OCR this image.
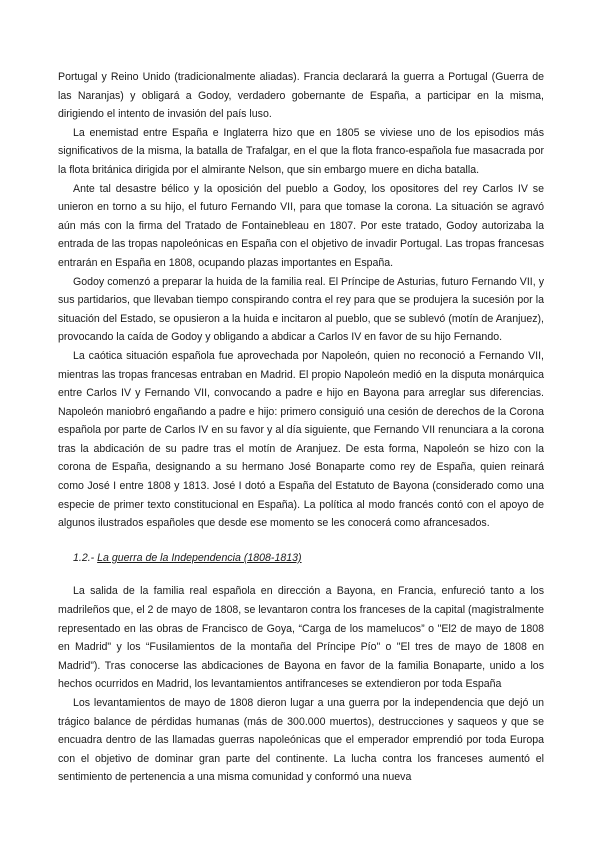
Portugal y Reino Unido (tradicionalmente aliadas). Francia declarará la guerra a Portugal (Guerra de las Naranjas) y obligará a Godoy, verdadero gobernante de España, a participar en la misma, dirigiendo el intento de invasión del país luso.

La enemistad entre España e Inglaterra hizo que en 1805 se viviese uno de los episodios más significativos de la misma, la batalla de Trafalgar, en el que la flota franco-española fue masacrada por la flota británica dirigida por el almirante Nelson, que sin embargo muere en dicha batalla.

Ante tal desastre bélico y la oposición del pueblo a Godoy, los opositores del rey Carlos IV se unieron en torno a su hijo, el futuro Fernando VII, para que tomase la corona. La situación se agravó aún más con la firma del Tratado de Fontainebleau en 1807. Por este tratado, Godoy autorizaba la entrada de las tropas napoleónicas en España con el objetivo de invadir Portugal. Las tropas francesas entrarán en España en 1808, ocupando plazas importantes en España.

Godoy comenzó a preparar la huida de la familia real. El Príncipe de Asturias, futuro Fernando VII, y sus partidarios, que llevaban tiempo conspirando contra el rey para que se produjera la sucesión por la situación del Estado, se opusieron a la huida e incitaron al pueblo, que se sublevó (motín de Aranjuez), provocando la caída de Godoy y obligando a abdicar a Carlos IV en favor de su hijo Fernando.

La caótica situación española fue aprovechada por Napoleón, quien no reconoció a Fernando VII, mientras las tropas francesas entraban en Madrid. El propio Napoleón medió en la disputa monárquica entre Carlos IV y Fernando VII, convocando a padre e hijo en Bayona para arreglar sus diferencias. Napoleón maniobró engañando a padre e hijo: primero consiguió una cesión de derechos de la Corona española por parte de Carlos IV en su favor y al día siguiente, que Fernando VII renunciara a la corona tras la abdicación de su padre tras el motín de Aranjuez. De esta forma, Napoleón se hizo con la corona de España, designando a su hermano José Bonaparte como rey de España, quien reinará como José I entre 1808 y 1813. José I dotó a España del Estatuto de Bayona (considerado como una especie de primer texto constitucional en España). La política al modo francés contó con el apoyo de algunos ilustrados españoles que desde ese momento se les conocerá como afrancesados.

1.2.- La guerra de la Independencia (1808-1813)

La salida de la familia real española en dirección a Bayona, en Francia, enfureció tanto a los madrileños que, el 2 de mayo de 1808, se levantaron contra los franceses de la capital (magistralmente representado en las obras de Francisco de Goya, “Carga de los mamelucos” o "El2 de mayo de 1808 en Madrid" y los “Fusilamientos de la montaña del Príncipe Pío" o "El tres de mayo de 1808 en Madrid”). Tras conocerse las abdicaciones de Bayona en favor de la familia Bonaparte, unido a los hechos ocurridos en Madrid, los levantamientos antifranceses se extendieron por toda España

Los levantamientos de mayo de 1808 dieron lugar a una guerra por la independencia que dejó un trágico balance de pérdidas humanas (más de 300.000 muertos), destrucciones y saqueos y que se encuadra dentro de las llamadas guerras napoleónicas que el emperador emprendió por toda Europa con el objetivo de dominar gran parte del continente. La lucha contra los franceses aumentó el sentimiento de pertenencia a una misma comunidad y conformó una nueva
